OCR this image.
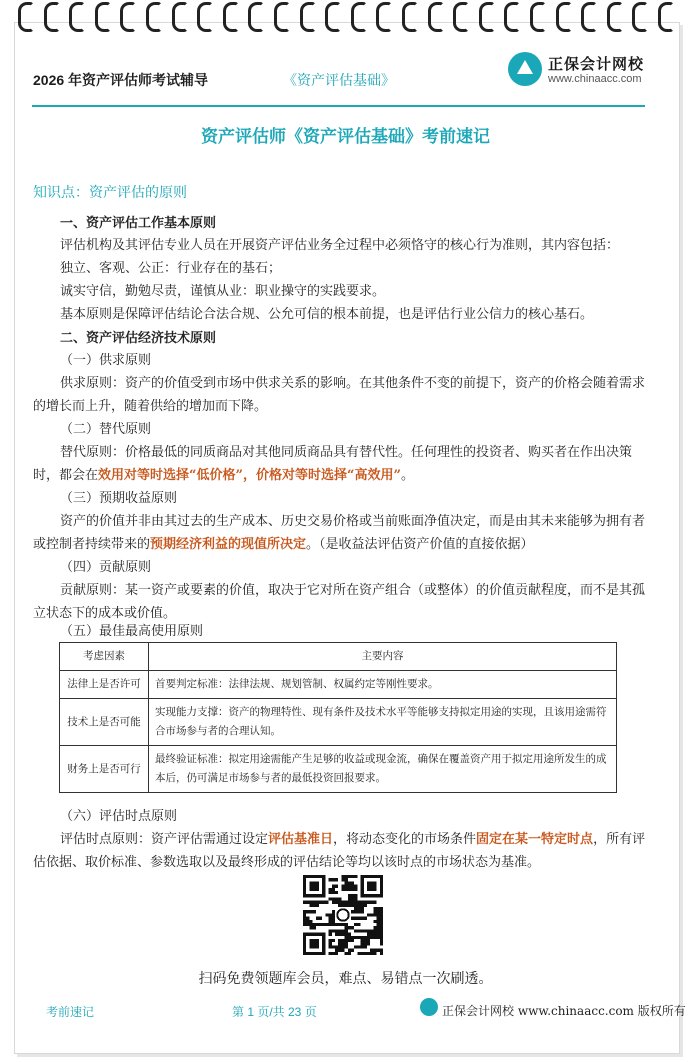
2026 年资产评估师考试辅导	《资产评估基础》
正保会计网校
www.chinaacc.com
资产评估师《资产评估基础》考前速记
知识点：资产评估的原则
一、资产评估工作基本原则
评估机构及其评估专业人员在开展资产评估业务全过程中必须恪守的核心行为准则，其内容包括：
独立、客观、公正：行业存在的基石；
诚实守信，勤勉尽责，谨慎从业：职业操守的实践要求。
基本原则是保障评估结论合法合规、公允可信的根本前提，也是评估行业公信力的核心基石。
二、资产评估经济技术原则
（一）供求原则
供求原则：资产的价值受到市场中供求关系的影响。在其他条件不变的前提下，资产的价格会随着需求的增长而上升，随着供给的增加而下降。
（二）替代原则
替代原则：价格最低的同质商品对其他同质商品具有替代性。任何理性的投资者、购买者在作出决策时，都会在效用对等时选择“低价格”，价格对等时选择“高效用”。
（三）预期收益原则
资产的价值并非由其过去的生产成本、历史交易价格或当前账面净值决定，而是由其未来能够为拥有者或控制者持续带来的预期经济利益的现值所决定。（是收益法评估资产价值的直接依据）
（四）贡献原则
贡献原则：某一资产或要素的价值，取决于它对所在资产组合（或整体）的价值贡献程度，而不是其孤立状态下的成本或价值。
（五）最佳最高使用原则
考虑因素	主要内容
法律上是否许可	首要判定标准：法律法规、规划管制、权属约定等刚性要求。
技术上是否可能	实现能力支撑：资产的物理特性、现有条件及技术水平等能够支持拟定用途的实现，且该用途需符合市场参与者的合理认知。
财务上是否可行	最终验证标准：拟定用途需能产生足够的收益或现金流，确保在覆盖资产用于拟定用途所发生的成本后，仍可满足市场参与者的最低投资回报要求。
（六）评估时点原则
评估时点原则：资产评估需通过设定评估基准日，将动态变化的市场条件固定在某一特定时点，所有评估依据、取价标准、参数选取以及最终形成的评估结论等均以该时点的市场状态为基准。
扫码免费领题库会员，难点、易错点一次刷透。
考前速记	第 1 页/共 23 页	正保会计网校 www.chinaacc.com 版权所有
